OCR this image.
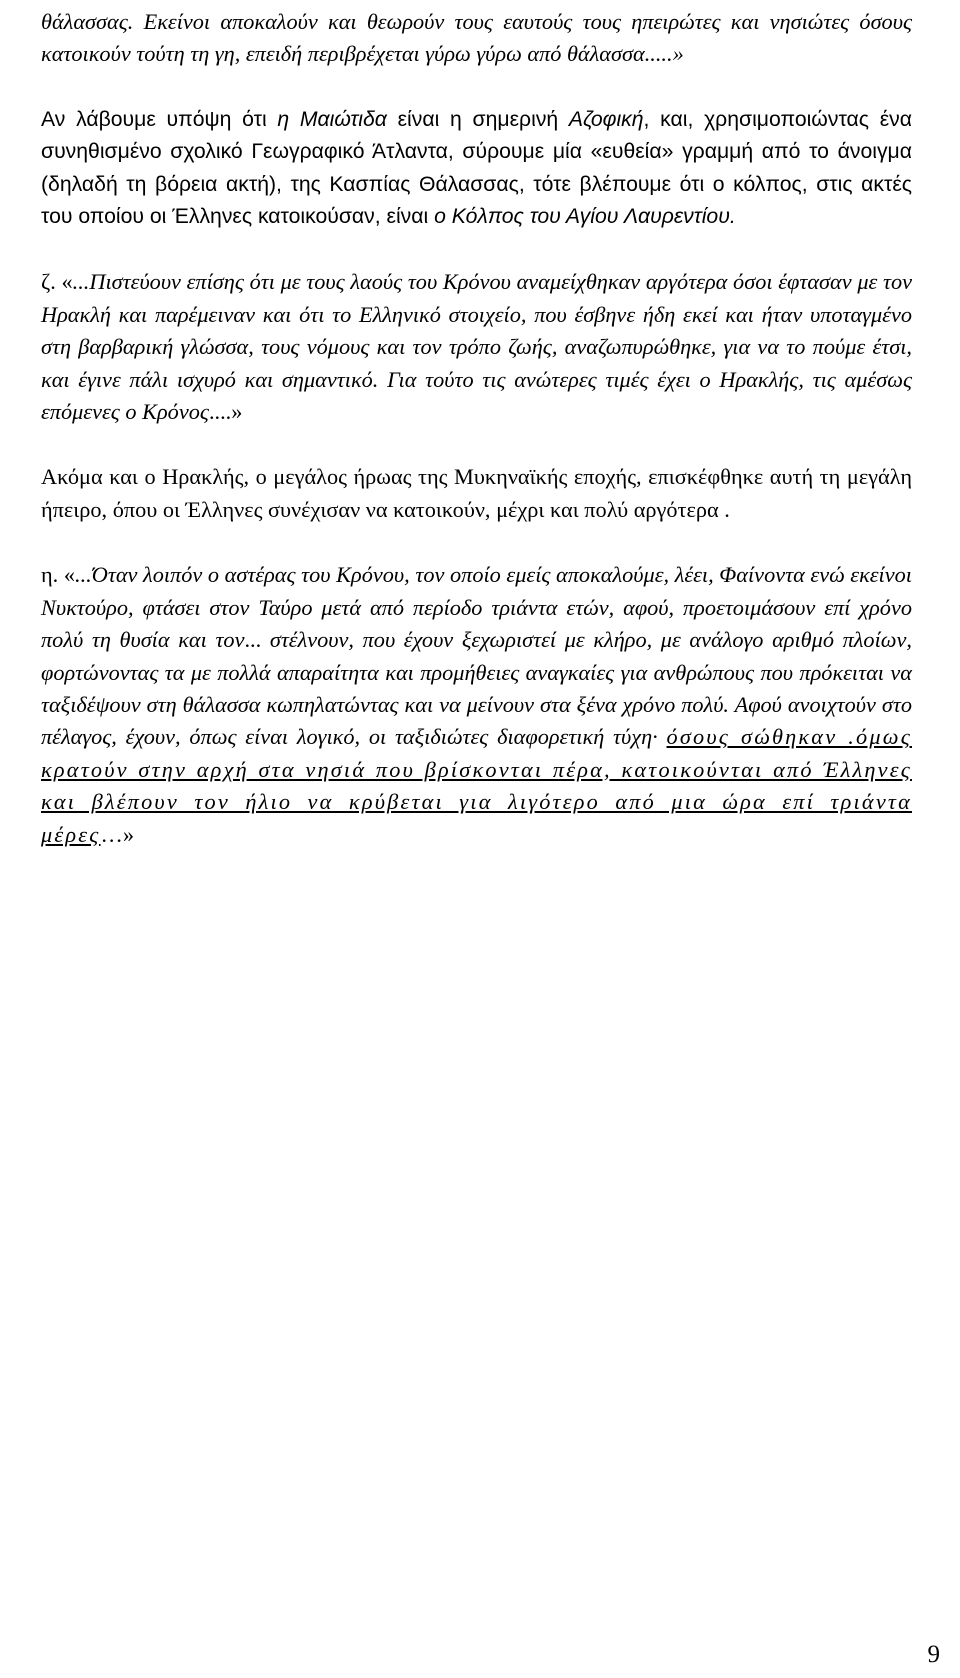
θάλασσας. Εκείνοι αποκαλούν και θεωρούν τους εαυτούς τους ηπειρώτες και νησιώτες όσους κατοικούν τούτη τη γη, επειδή περιβρέχεται γύρω γύρω από θάλασσα.....»

Αν λάβουμε υπόψη ότι η Μαιώτιδα είναι η σημερινή Αζοφική, και, χρησιμοποιώντας ένα συνηθισμένο σχολικό Γεωγραφικό Άτλαντα, σύρουμε μία «ευθεία» γραμμή από το άνοιγμα (δηλαδή τη βόρεια ακτή), της Κασπίας Θάλασσας, τότε βλέπουμε ότι ο κόλπος, στις ακτές του οποίου οι Έλληνες κατοικούσαν, είναι ο Κόλπος του Αγίου Λαυρεντίου.

ζ. «...Πιστεύουν επίσης ότι με τους λαούς του Κρόνου αναμείχθηκαν αργότερα όσοι έφτασαν με τον Ηρακλή και παρέμειναν και ότι το Ελληνικό στοιχείο, που έσβηνε ήδη εκεί και ήταν υποταγμένο στη βαρβαρική γλώσσα, τους νόμους και τον τρόπο ζωής, αναζωπυρώθηκε, για να το πούμε έτσι, και έγινε πάλι ισχυρό και σημαντικό. Για τούτο τις ανώτερες τιμές έχει ο Ηρακλής, τις αμέσως επόμενες ο Κρόνος....»

Ακόμα και ο Ηρακλής, ο μεγάλος ήρωας της Μυκηναϊκής εποχής, επισκέφθηκε αυτή τη μεγάλη ήπειρο, όπου οι Έλληνες συνέχισαν να κατοικούν, μέχρι και πολύ αργότερα .

η. «...Όταν λοιπόν ο αστέρας του Κρόνου, τον οποίο εμείς αποκαλούμε, λέει, Φαίνοντα ενώ εκείνοι Νυκτούρο, φτάσει στον Ταύρο μετά από περίοδο τριάντα ετών, αφού, προετοιμάσουν επί χρόνο πολύ τη θυσία και τον... στέλνουν, που έχουν ξεχωριστεί με κλήρο, με ανάλογο αριθμό πλοίων, φορτώνοντας τα με πολλά απαραίτητα και προμήθειες αναγκαίες για ανθρώπους που πρόκειται να ταξιδέψουν στη θάλασσα κωπηλατώντας και να μείνουν στα ξένα χρόνο πολύ. Αφού ανοιχτούν στο πέλαγος, έχουν, όπως είναι λογικό, οι ταξιδιώτες διαφορετική τύχη· όσους σώθηκαν .όμως κρατούν στην αρχή στα νησιά που βρίσκονται πέρα, κατοικούνται από Έλληνες και βλέπουν τον ήλιο να κρύβεται για λιγότερο από μια ώρα επί τριάντα μέρες…»

9
